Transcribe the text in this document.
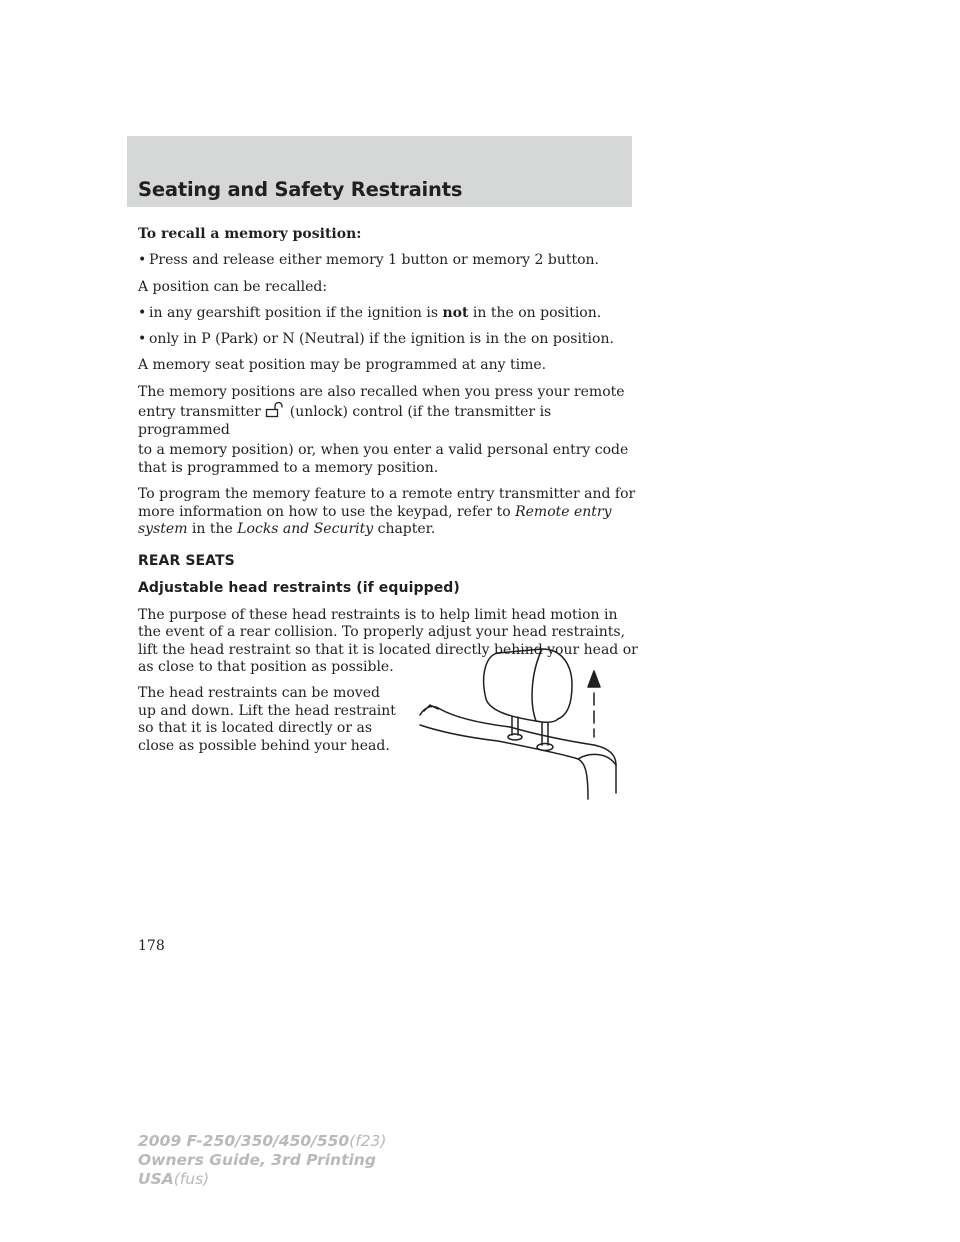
Seating and Safety Restraints

To recall a memory position:

• Press and release either memory 1 button or memory 2 button.

A position can be recalled:

• in any gearshift position if the ignition is not in the on position.
• only in P (Park) or N (Neutral) if the ignition is in the on position.

A memory seat position may be programmed at any time.

The memory positions are also recalled when you press your remote
entry transmitter  (unlock) control (if the transmitter is programmed

to a memory position) or, when you enter a valid personal entry code that is programmed to a memory position.

To program the memory feature to a remote entry transmitter and for more information on how to use the keypad, refer to Remote entry system in the Locks and Security chapter.

REAR SEATS

Adjustable head restraints (if equipped)

The purpose of these head restraints is to help limit head motion in the event of a rear collision. To properly adjust your head restraints, lift the head restraint so that it is located directly behind your head or as close to that position as possible.

The head restraints can be moved up and down. Lift the head restraint so that it is located directly or as close as possible behind your head.

178

2009 F-250/350/450/550(f23)
Owners Guide, 3rd Printing
USA(fus)
